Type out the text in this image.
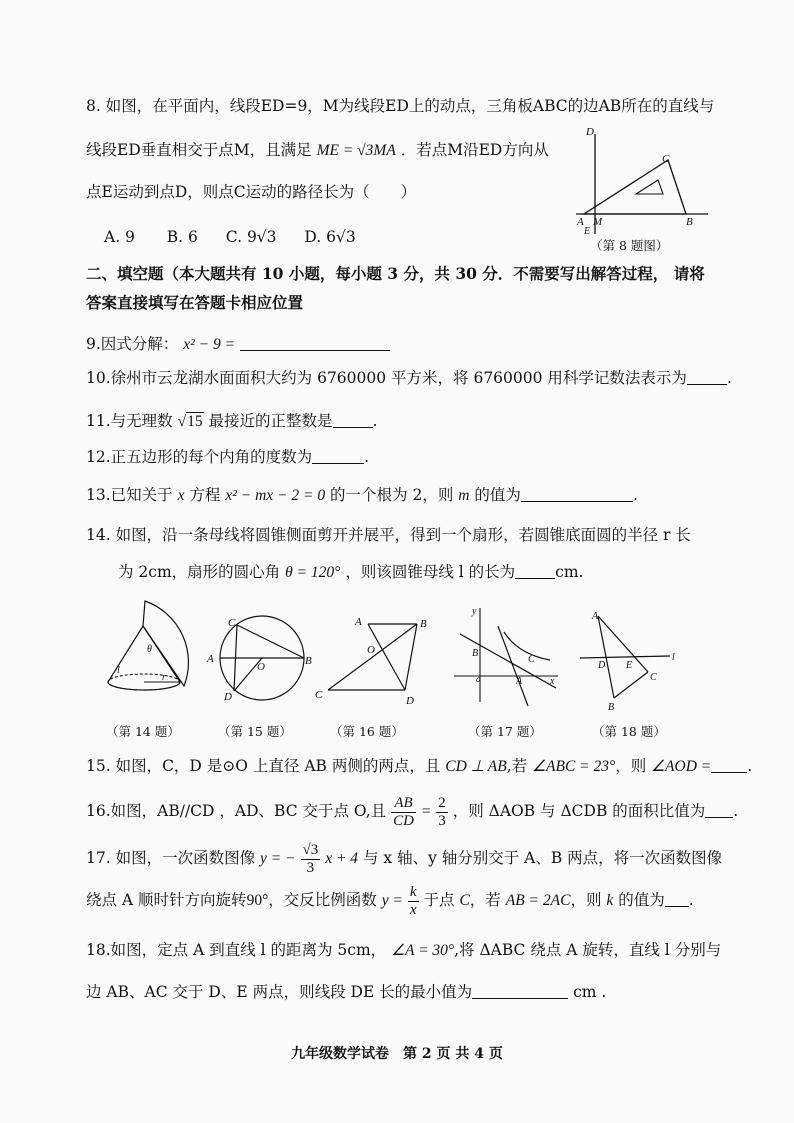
8. 如图，在平面内，线段ED=9，M为线段ED上的动点，三角板ABC的边AB所在的直线与
线段ED垂直相交于点M，且满足 ME = √3MA ．若点M沿ED方向从
点E运动到点D，则点C运动的路径长为（　　）
A. 9 B. 6 C. 9√3 D. 6√3
D
C
A M	B
E
（第 8 题图）
二、填空题（本大题共有 10 小题，每小题 3 分，共 30 分．不需要写出解答过程， 请将
答案直接填写在答题卡相应位置
9.因式分解： x² − 9 =
10.徐州市云龙湖水面面积大约为 6760000 平方米，将 6760000 用科学记数法表示为	.
11.与无理数 √15 最接近的正整数是	.
12.正五边形的每个内角的度数为	.
13.已知关于 x 方程 x² − mx − 2 = 0 的一个根为 2，则 m 的值为	.
14. 如图，沿一条母线将圆锥侧面剪开并展平，得到一个扇形，若圆锥底面圆的半径 r 长
为 2cm，扇形的圆心角 θ = 120° ，则该圆锥母线 l 的长为	cm.
θ
l
r
C
A
O	B
D
A	B
O
C	D
y
B
C
o	A	x
A
D E
l
C
B
（第 14 题）	（第 15 题）	（第 16 题）	（第 17 题）	（第 18 题）
15. 如图，C，D 是⊙O 上直径 AB 两侧的两点，且 CD ⊥ AB,若 ∠ABC = 23°，则 ∠AOD = .
16.如图，AB//CD ，AD、BC 交于点 O,且 $\frac{AB}{CD} = \frac{2}{3}$ ，则 ΔAOB 与 ΔCDB 的面积比值为 .
17. 如图，一次函数图像 y = − $\frac{√3}{3}$ x + 4 与 x 轴、y 轴分别交于 A、B 两点，将一次函数图像
绕点 A 顺时针方向旋转90°，交反比例函数 $y = \frac{k}{x}$ 于点 C，若 AB = 2AC，则 k 的值为 .
18.如图，定点 A 到直线 l 的距离为 5cm， ∠A = 30°,将 ΔABC 绕点 A 旋转，直线 l 分别与
边 AB、AC 交于 D、E 两点，则线段 DE 长的最小值为	cm .
九年级数学试卷　第 2 页 共 4 页
